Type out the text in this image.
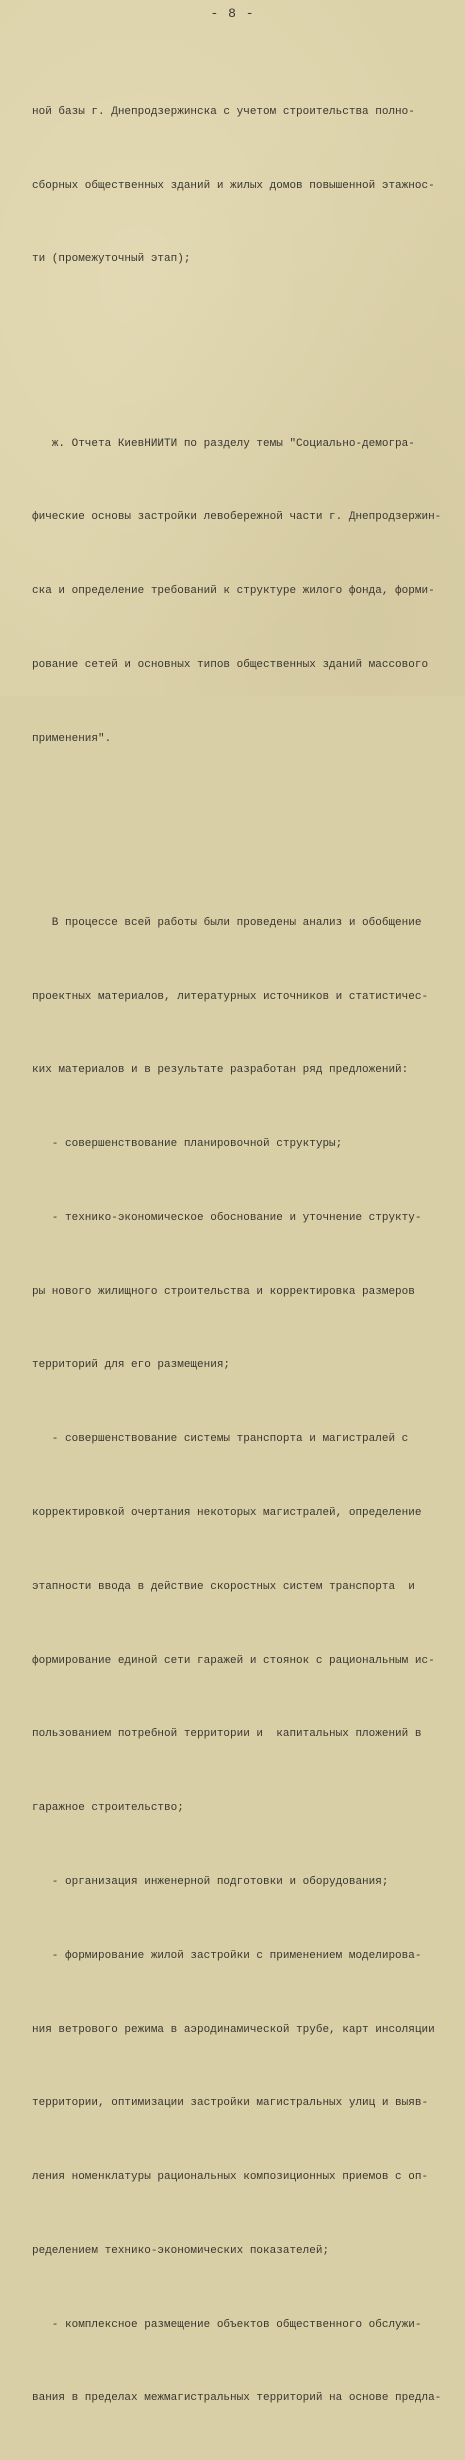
- 8 -

ной базы г. Днепродзержинска с учетом строительства полно-

сборных общественных зданий и жилых домов повышенной этажнос-

ти (промежуточный этап);

ж. Отчета КиевНИИТИ по разделу темы "Социально-демогра-

фические основы застройки левобережной части г. Днепродзержин-

ска и определение требований к структуре жилого фонда, форми-

рование сетей и основных типов общественных зданий массового

применения".

В процессе всей работы были проведены анализ и обобщение

проектных материалов, литературных источников и статистичес-

ких материалов и в результате разработан ряд предложений:

- совершенствование планировочной структуры;

- технико-экономическое обоснование и уточнение структу-

ры нового жилищного строительства и корректировка размеров

территорий для его размещения;

- совершенствование системы транспорта и магистралей с

корректировкой очертания некоторых магистралей, определение

этапности ввода в действие скоростных систем транспорта  и

формирование единой сети гаражей и стоянок с рациональным ис-

пользованием потребной территории и  капитальных пложений в

гаражное строительство;

- организация инженерной подготовки и оборудования;

- формирование жилой застройки с применением моделирова-

ния ветрового режима в аэродинамической трубе, карт инсоляции

территории, оптимизации застройки магистральных улиц и выяв-

ления номенклатуры рациональных композиционных приемов с оп-

ределением технико-экономических показателей;

- комплексное размещение объектов общественного обслужи-

вания в пределах межмагистральных территорий на основе предла-
